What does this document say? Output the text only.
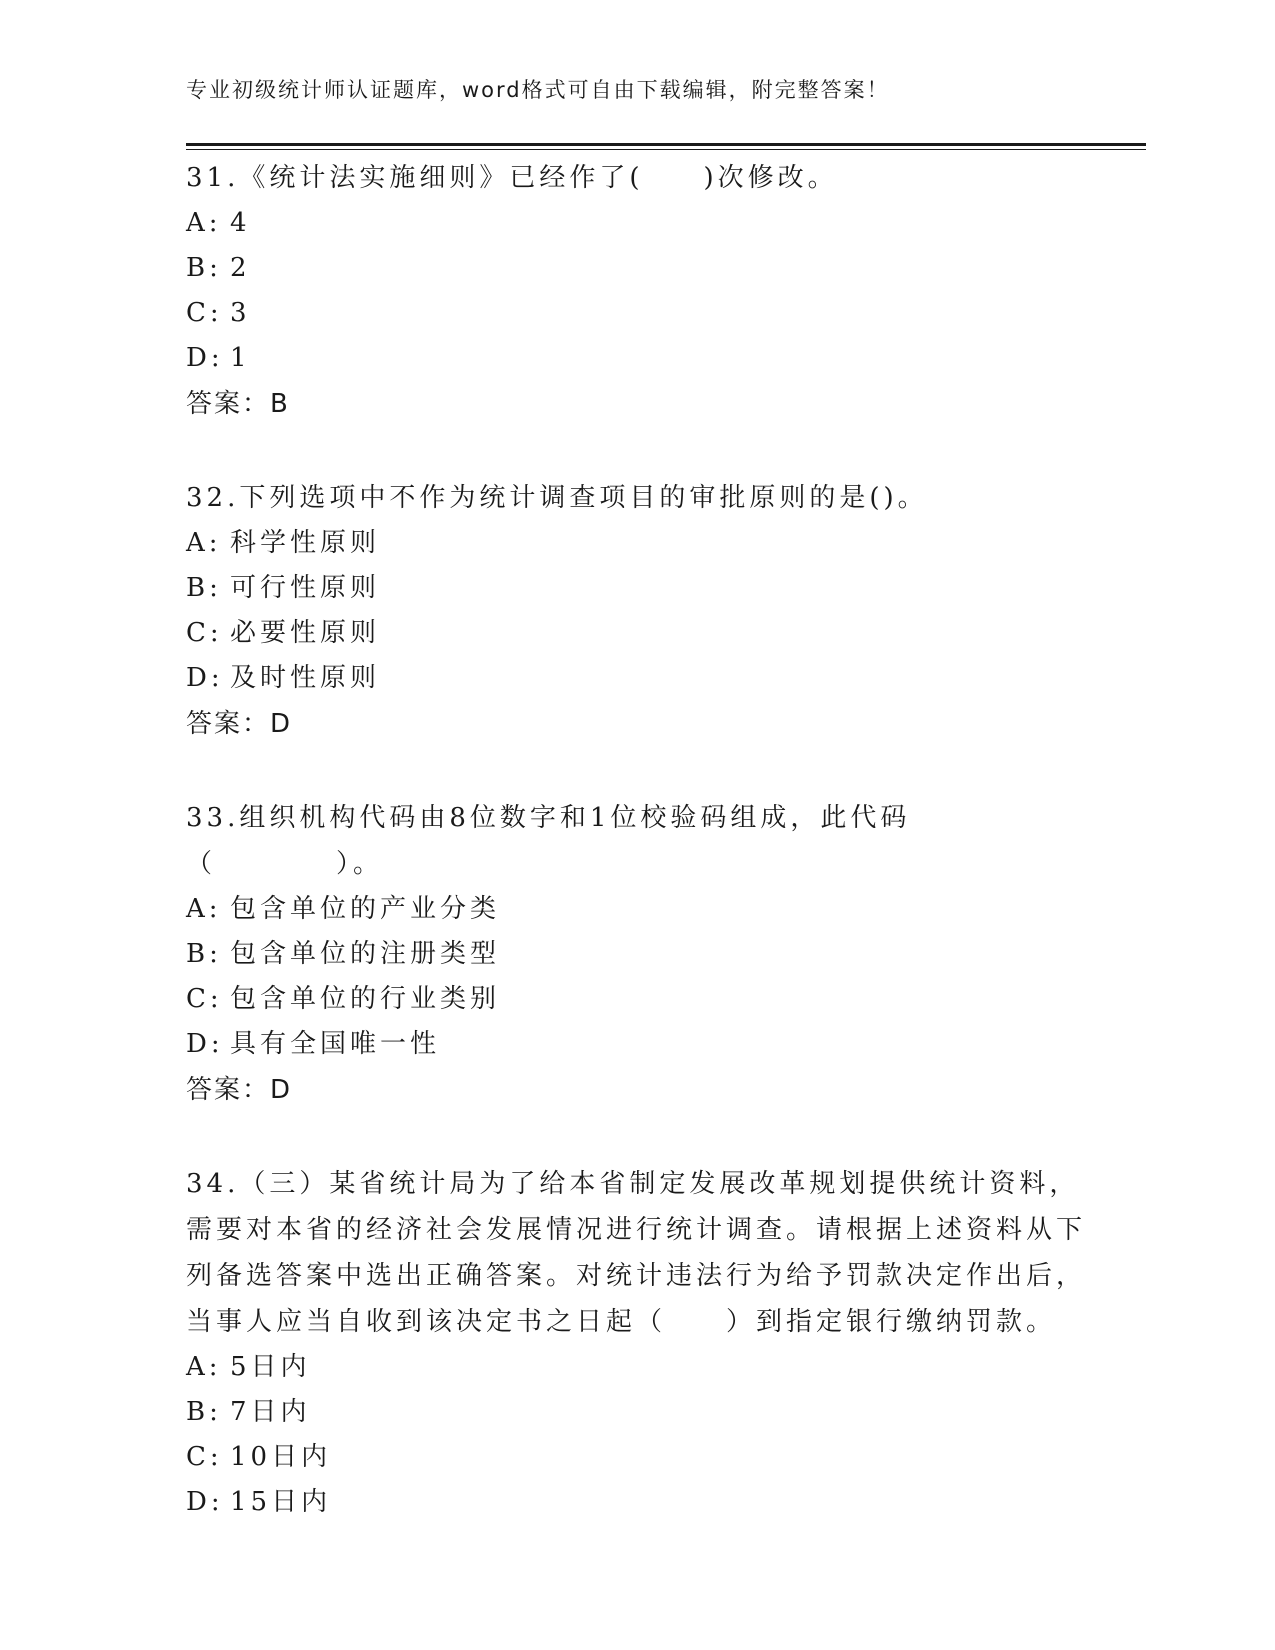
专业初级统计师认证题库，word格式可自由下载编辑，附完整答案！
31.《统计法实施细则》已经作了(　　)次修改。
A: 4
B: 2
C: 3
D: 1
答案：B
32.下列选项中不作为统计调查项目的审批原则的是()。
A: 科学性原则
B: 可行性原则
C: 必要性原则
D: 及时性原则
答案：D
33.组织机构代码由8位数字和1位校验码组成，此代码（　　　　）。
A: 包含单位的产业分类
B: 包含单位的注册类型
C: 包含单位的行业类别
D: 具有全国唯一性
答案：D
34.（三）某省统计局为了给本省制定发展改革规划提供统计资料，需要对本省的经济社会发展情况进行统计调查。请根据上述资料从下列备选答案中选出正确答案。对统计违法行为给予罚款决定作出后，当事人应当自收到该决定书之日起（　　）到指定银行缴纳罚款。
A: 5日内
B: 7日内
C: 10日内
D: 15日内
